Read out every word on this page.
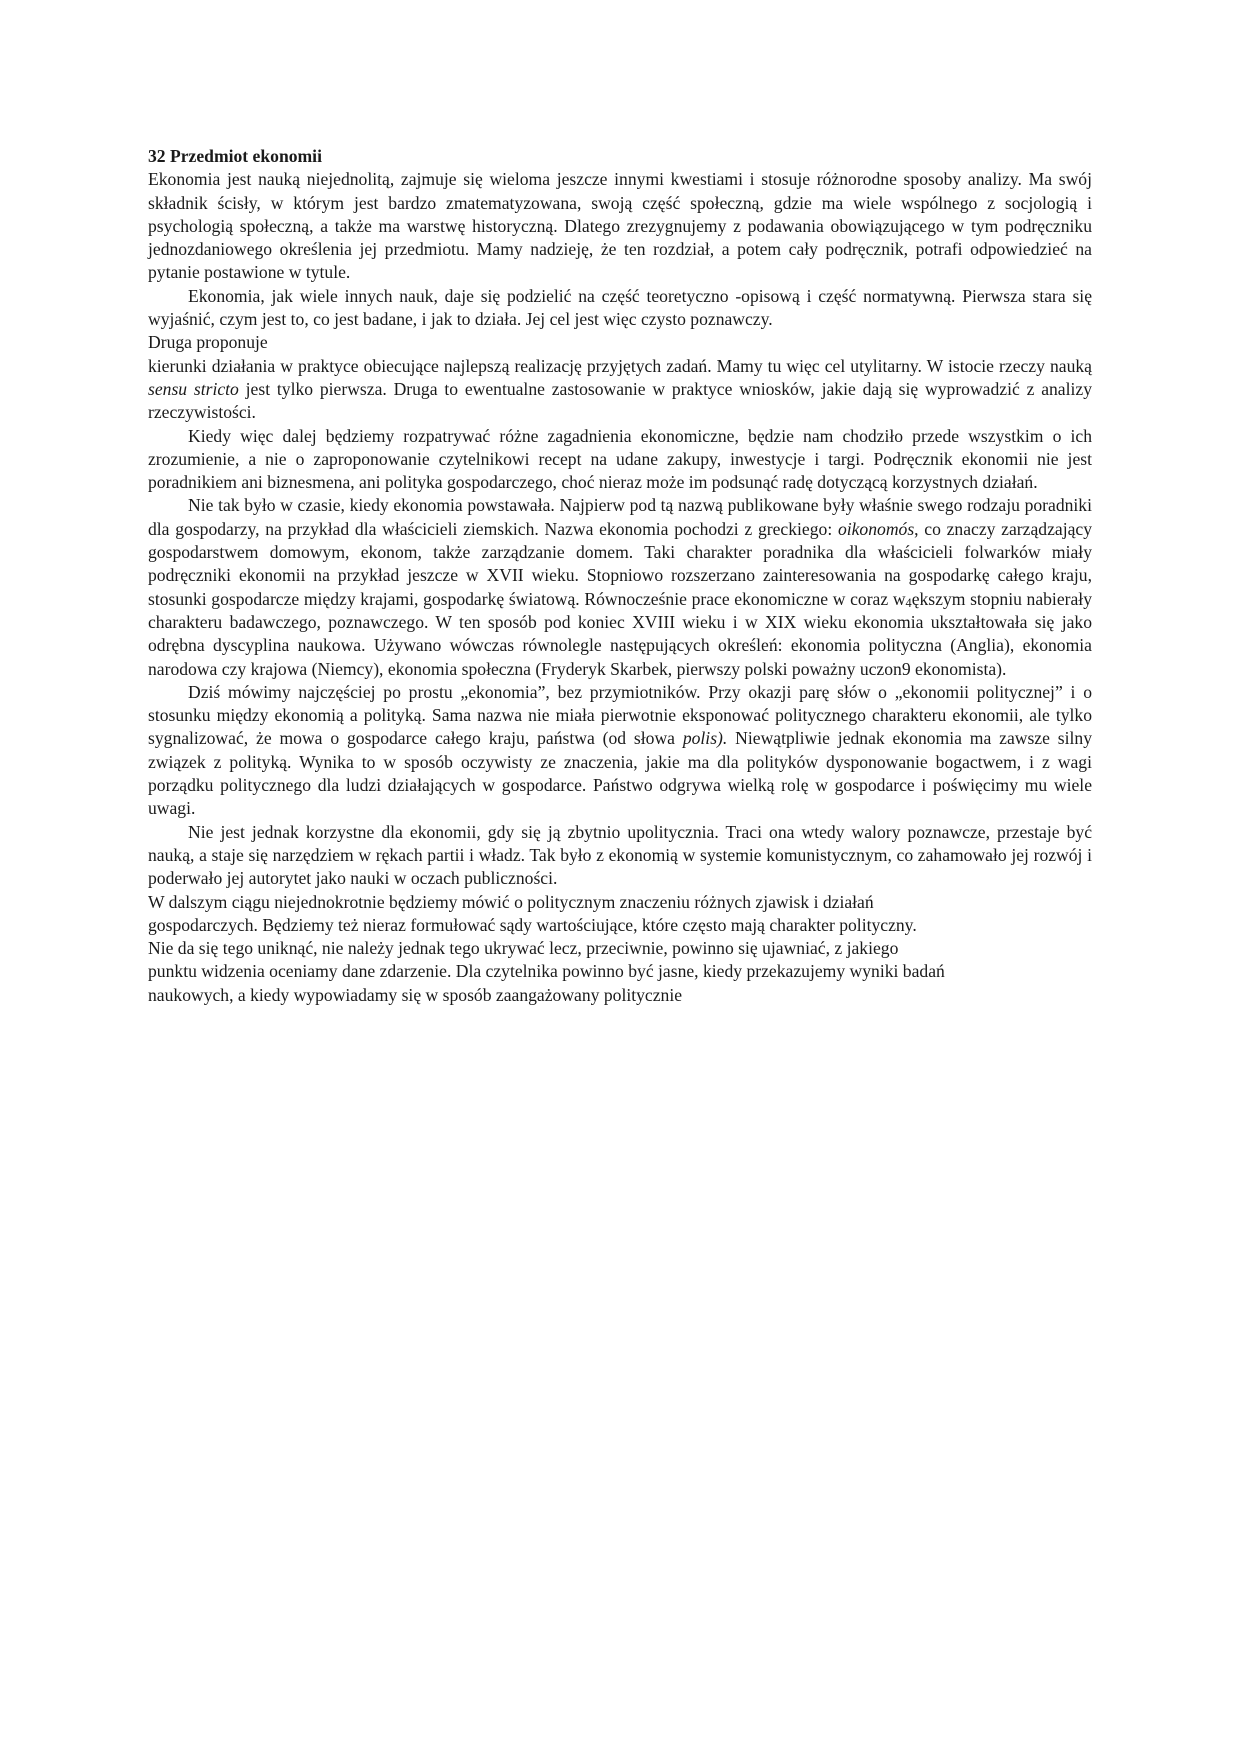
32 Przedmiot ekonomii

Ekonomia jest nauką niejednolitą, zajmuje się wieloma jeszcze innymi kwestiami i stosuje różnorodne sposoby analizy. Ma swój składnik ścisły, w którym jest bardzo zmatematyzowana, swoją część społeczną, gdzie ma wiele wspólnego z socjologią i psychologią społeczną, a także ma warstwę historyczną. Dlatego zrezygnujemy z podawania obowiązującego w tym podręczniku jednozdaniowego określenia jej przedmiotu. Mamy nadzieję, że ten rozdział, a potem cały podręcznik, potrafi odpowiedzieć na pytanie postawione w tytule.

Ekonomia, jak wiele innych nauk, daje się podzielić na część teoretyczno -opisową i część normatywną. Pierwsza stara się wyjaśnić, czym jest to, co jest badane, i jak to działa. Jej cel jest więc czysto poznawczy.

Druga proponuje

kierunki działania w praktyce obiecujące najlepszą realizację przyjętych zadań. Mamy tu więc cel utylitarny. W istocie rzeczy nauką sensu stricto jest tylko pierwsza. Druga to ewentualne zastosowanie w praktyce wniosków, jakie dają się wyprowadzić z analizy rzeczywistości.

Kiedy więc dalej będziemy rozpatrywać różne zagadnienia ekonomiczne, będzie nam chodziło przede wszystkim o ich zrozumienie, a nie o zaproponowanie czytelnikowi recept na udane zakupy, inwestycje i targi. Podręcznik ekonomii nie jest poradnikiem ani biznesmena, ani polityka gospodarczego, choć nieraz może im podsunąć radę dotyczącą korzystnych działań.

Nie tak było w czasie, kiedy ekonomia powstawała. Najpierw pod tą nazwą publikowane były właśnie swego rodzaju poradniki dla gospodarzy, na przykład dla właścicieli ziemskich. Nazwa ekonomia pochodzi z greckiego: oikonomós, co znaczy zarządzający gospodarstwem domowym, ekonom, także zarządzanie domem. Taki charakter poradnika dla właścicieli folwarków miały podręczniki ekonomii na przykład jeszcze w XVII wieku. Stopniowo rozszerzano zainteresowania na gospodarkę całego kraju, stosunki gospodarcze między krajami, gospodarkę światową. Równocześnie prace ekonomiczne w coraz $w_4ększym$ stopniu nabierały charakteru badawczego, poznawczego. W ten sposób pod koniec XVIII wieku i w XIX wieku ekonomia ukształtowała się jako odrębna dyscyplina naukowa. Używano wówczas równolegle następujących określeń: ekonomia polityczna (Anglia), ekonomia narodowa czy krajowa (Niemcy), ekonomia społeczna (Fryderyk Skarbek, pierwszy polski poważny uczon9 ekonomista).

Dziś mówimy najczęściej po prostu „ekonomia”, bez przymiotników. Przy okazji parę słów o „ekonomii politycznej” i o stosunku między ekonomią a polityką. Sama nazwa nie miała pierwotnie eksponować politycznego charakteru ekonomii, ale tylko sygnalizować, że mowa o gospodarce całego kraju, państwa (od słowa polis). Niewątpliwie jednak ekonomia ma zawsze silny związek z polityką. Wynika to w sposób oczywisty ze znaczenia, jakie ma dla polityków dysponowanie bogactwem, i z wagi porządku politycznego dla ludzi działających w gospodarce. Państwo odgrywa wielką rolę w gospodarce i poświęcimy mu wiele uwagi.

Nie jest jednak korzystne dla ekonomii, gdy się ją zbytnio upolitycznia. Traci ona wtedy walory poznawcze, przestaje być nauką, a staje się narzędziem w rękach partii i władz. Tak było z ekonomią w systemie komunistycznym, co zahamowało jej rozwój i poderwało jej autorytet jako nauki w oczach publiczności.

W dalszym ciągu niejednokrotnie będziemy mówić o politycznym znaczeniu różnych zjawisk i działań

gospodarczych. Będziemy też nieraz formułować sądy wartościujące, które często mają charakter polityczny.

Nie da się tego uniknąć, nie należy jednak tego ukrywać lecz, przeciwnie, powinno się ujawniać, z jakiego

punktu widzenia oceniamy dane zdarzenie. Dla czytelnika powinno być jasne, kiedy przekazujemy wyniki badań

naukowych, a kiedy wypowiadamy się w sposób zaangażowany politycznie
